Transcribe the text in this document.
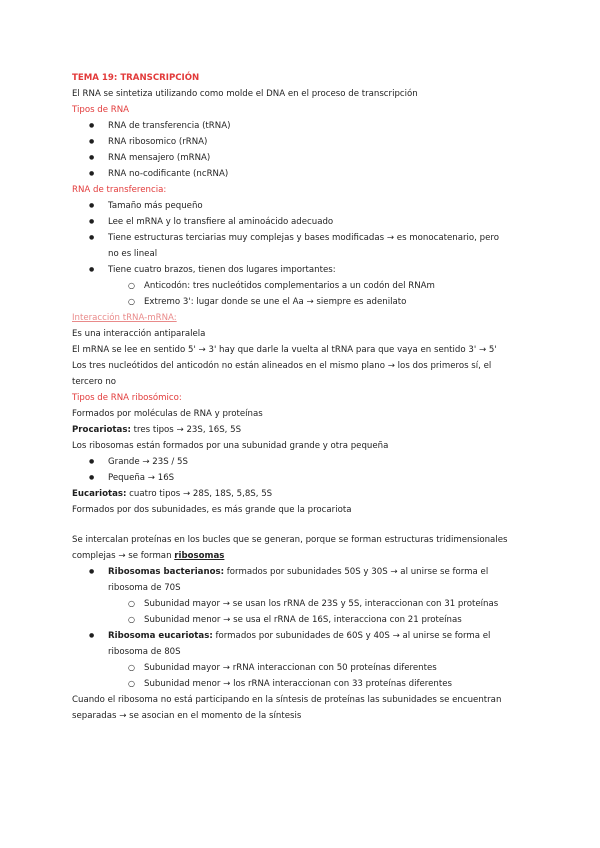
TEMA 19: TRANSCRIPCIÓN
El RNA se sintetiza utilizando como molde el DNA en el proceso de transcripción
Tipos de RNA
● RNA de transferencia (tRNA)
● RNA ribosomico (rRNA)
● RNA mensajero (mRNA)
● RNA no-codificante (ncRNA)
RNA de transferencia:
● Tamaño más pequeño
● Lee el mRNA y lo transfiere al aminoácido adecuado
● Tiene estructuras terciarias muy complejas y bases modificadas → es monocatenario, pero
no es lineal
● Tiene cuatro brazos, tienen dos lugares importantes:
○ Anticodón: tres nucleótidos complementarios a un codón del RNAm
○ Extremo 3': lugar donde se une el Aa → siempre es adenilato
Interacción tRNA-mRNA:
Es una interacción antiparalela
El mRNA se lee en sentido 5' → 3' hay que darle la vuelta al tRNA para que vaya en sentido 3' → 5'
Los tres nucleótidos del anticodón no están alineados en el mismo plano → los dos primeros sí, el
tercero no
Tipos de RNA ribosómico:
Formados por moléculas de RNA y proteínas
Procariotas: tres tipos → 23S, 16S, 5S
Los ribosomas están formados por una subunidad grande y otra pequeña
● Grande → 23S / 5S
● Pequeña → 16S
Eucariotas: cuatro tipos → 28S, 18S, 5,8S, 5S
Formados por dos subunidades, es más grande que la procariota
Se intercalan proteínas en los bucles que se generan, porque se forman estructuras tridimensionales
complejas → se forman ribosomas
● Ribosomas bacterianos: formados por subunidades 50S y 30S → al unirse se forma el
ribosoma de 70S
○ Subunidad mayor → se usan los rRNA de 23S y 5S, interaccionan con 31 proteínas
○ Subunidad menor → se usa el rRNA de 16S, interacciona con 21 proteínas
● Ribosoma eucariotas: formados por subunidades de 60S y 40S → al unirse se forma el
ribosoma de 80S
○ Subunidad mayor → rRNA interaccionan con 50 proteínas diferentes
○ Subunidad menor → los rRNA interaccionan con 33 proteínas diferentes
Cuando el ribosoma no está participando en la síntesis de proteínas las subunidades se encuentran
separadas → se asocian en el momento de la síntesis
